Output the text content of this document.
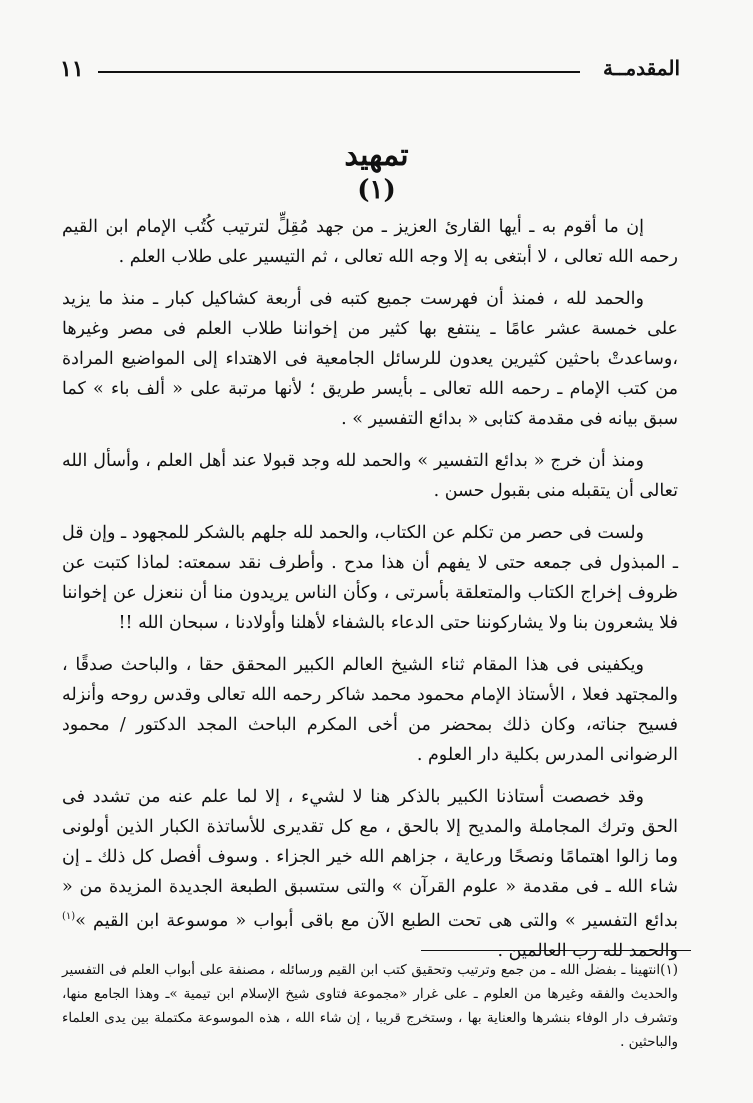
المقدمــة
١١
تمهيد
(١)

إن ما أقوم به ـ أيها القارئ العزيز ـ من جهد مُقِلٍّ لترتيب كُتُب الإمام ابن القيم رحمه الله تعالى ، لا أبتغى به إلا وجه الله تعالى ، ثم التيسير على طلاب العلم .

والحمد لله ، فمنذ أن فهرست جميع كتبه فى أربعة كشاكيل كبار ـ منذ ما يزيد على خمسة عشر عامًا ـ ينتفع بها كثير من إخواننا طلاب العلم فى مصر وغيرها ،وساعدتْ باحثين كثيرين يعدون للرسائل الجامعية فى الاهتداء إلى المواضيع المرادة من كتب الإمام ـ رحمه الله تعالى ـ بأيسر طريق ؛ لأنها مرتبة على « ألف باء » كما سبق بيانه فى مقدمة كتابى « بدائع التفسير » .

ومنذ أن خرج « بدائع التفسير » والحمد لله وجد قبولا عند أهل العلم ، وأسأل الله تعالى أن يتقبله منى بقبول حسن .

ولست فى حصر من تكلم عن الكتاب، والحمد لله جلهم بالشكر للمجهود ـ وإن قل ـ المبذول فى جمعه حتى لا يفهم أن هذا مدح . وأطرف نقد سمعته: لماذا كتبت عن ظروف إخراج الكتاب والمتعلقة بأسرتى ، وكأن الناس يريدون منا أن ننعزل عن إخواننا فلا يشعرون بنا ولا يشاركوننا حتى الدعاء بالشفاء لأهلنا وأولادنا ، سبحان الله !!

ويكفينى فى هذا المقام ثناء الشيخ العالم الكبير المحقق حقا ، والباحث صدقًا ، والمجتهد فعلا ، الأستاذ الإمام محمود محمد شاكر رحمه الله تعالى وقدس روحه وأنزله فسيح جناته، وكان ذلك بمحضر من أخى المكرم الباحث المجد الدكتور / محمود الرضوانى المدرس بكلية دار العلوم .

وقد خصصت أستاذنا الكبير بالذكر هنا لا لشيء ، إلا لما علم عنه من تشدد فى الحق وترك المجاملة والمديح إلا بالحق ، مع كل تقديرى للأساتذة الكبار الذين أولونى وما زالوا اهتمامًا ونصحًا ورعاية ، جزاهم الله خير الجزاء . وسوف أفصل كل ذلك ـ إن شاء الله ـ فى مقدمة « علوم القرآن » والتى ستسبق الطبعة الجديدة المزيدة من « بدائع التفسير » والتى هى تحت الطبع الآن مع باقى أبواب « موسوعة ابن القيم »$^{(١)}$ والحمد لله رب العالمين .

(١)انتهينا ـ بفضل الله ـ من جمع وترتيب وتحقيق كتب ابن القيم ورسائله ، مصنفة على أبواب العلم فى التفسير والحديث والفقه وغيرها من العلوم ـ على غرار «مجموعة فتاوى شيخ الإسلام ابن تيمية »ـ وهذا الجامع منها، وتشرف دار الوفاء بنشرها والعناية بها ، وستخرج قريبا ، إن شاء الله ، هذه الموسوعة مكتملة بين يدى العلماء والباحثين .
